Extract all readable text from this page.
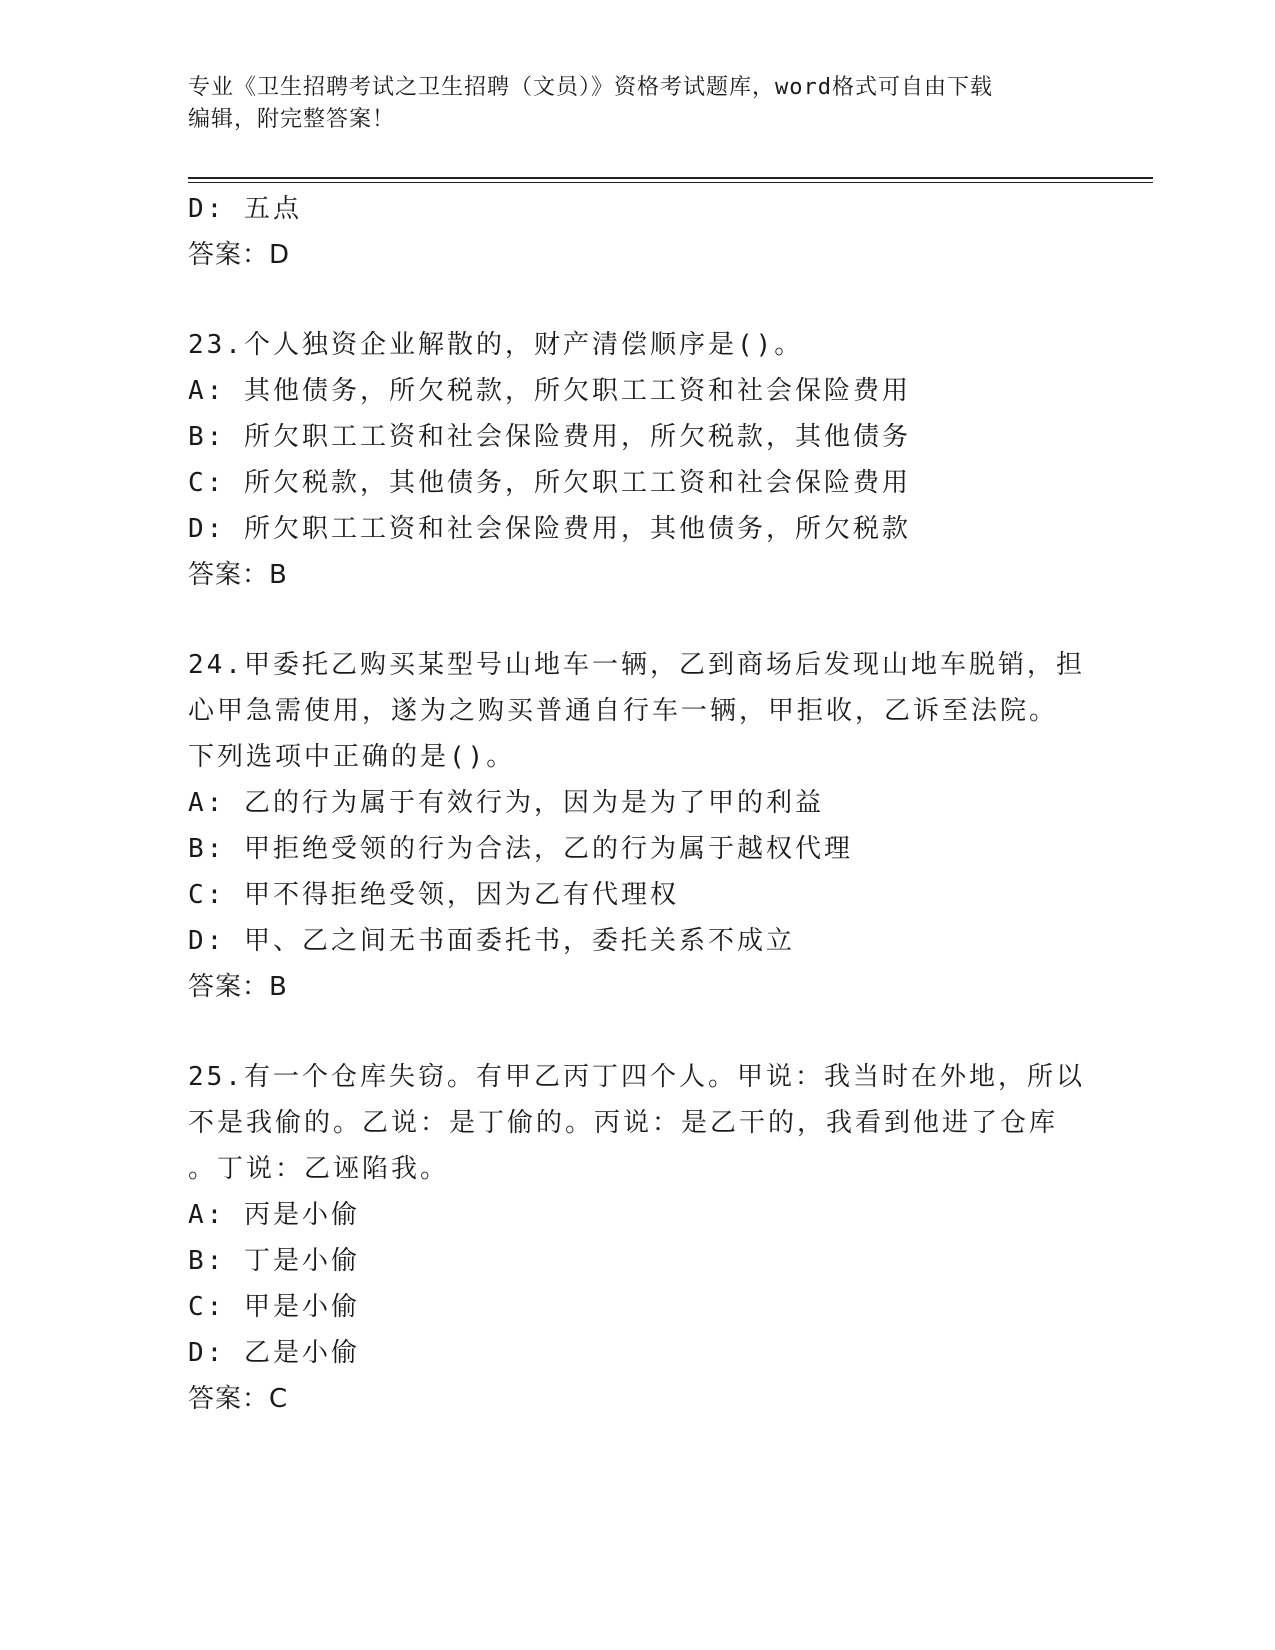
专业《卫生招聘考试之卫生招聘（文员）》资格考试题库，word格式可自由下载
编辑，附完整答案！
D: 五点
答案：D
23.个人独资企业解散的，财产清偿顺序是()。
A: 其他债务，所欠税款，所欠职工工资和社会保险费用
B: 所欠职工工资和社会保险费用，所欠税款，其他债务
C: 所欠税款，其他债务，所欠职工工资和社会保险费用
D: 所欠职工工资和社会保险费用，其他债务，所欠税款
答案：B
24.甲委托乙购买某型号山地车一辆，乙到商场后发现山地车脱销，担
心甲急需使用，遂为之购买普通自行车一辆，甲拒收，乙诉至法院。
下列选项中正确的是()。
A: 乙的行为属于有效行为，因为是为了甲的利益
B: 甲拒绝受领的行为合法，乙的行为属于越权代理
C: 甲不得拒绝受领，因为乙有代理权
D: 甲、乙之间无书面委托书，委托关系不成立
答案：B
25.有一个仓库失窃。有甲乙丙丁四个人。甲说：我当时在外地，所以
不是我偷的。乙说：是丁偷的。丙说：是乙干的，我看到他进了仓库
。丁说：乙诬陷我。
A: 丙是小偷
B: 丁是小偷
C: 甲是小偷
D: 乙是小偷
答案：C
